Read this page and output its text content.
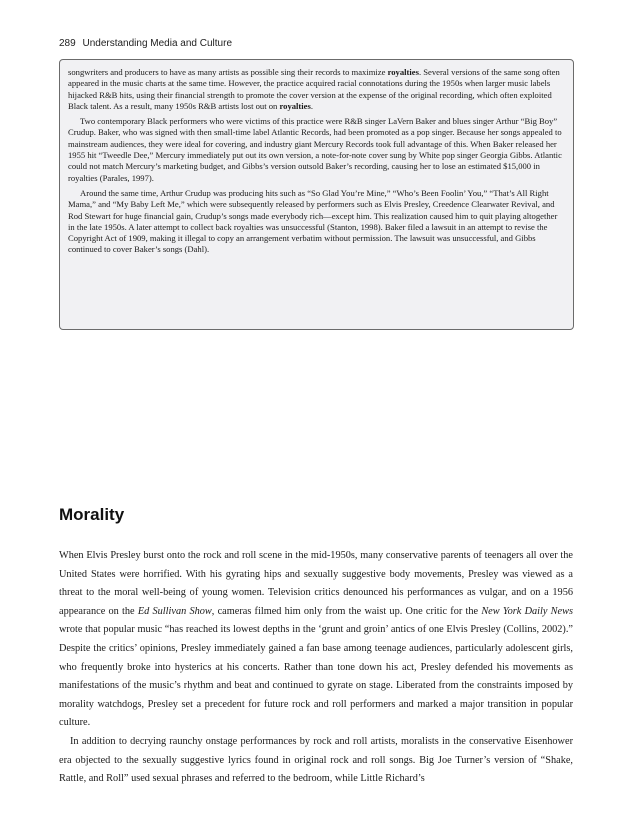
289 Understanding Media and Culture

songwriters and producers to have as many artists as possible sing their records to maximize royalties. Several versions of the same song often appeared in the music charts at the same time. However, the practice acquired racial connotations during the 1950s when larger music labels hijacked R&B hits, using their financial strength to promote the cover version at the expense of the original recording, which often exploited Black talent. As a result, many 1950s R&B artists lost out on royalties.

Two contemporary Black performers who were victims of this practice were R&B singer LaVern Baker and blues singer Arthur “Big Boy” Crudup. Baker, who was signed with then small-time label Atlantic Records, had been promoted as a pop singer. Because her songs appealed to mainstream audiences, they were ideal for covering, and industry giant Mercury Records took full advantage of this. When Baker released her 1955 hit “Tweedle Dee,” Mercury immediately put out its own version, a note-for-note cover sung by White pop singer Georgia Gibbs. Atlantic could not match Mercury’s marketing budget, and Gibbs’s version outsold Baker’s recording, causing her to lose an estimated $15,000 in royalties (Parales, 1997).

Around the same time, Arthur Crudup was producing hits such as “So Glad You’re Mine,” “Who’s Been Foolin’ You,” “That’s All Right Mama,” and “My Baby Left Me,” which were subsequently released by performers such as Elvis Presley, Creedence Clearwater Revival, and Rod Stewart for huge financial gain, Crudup’s songs made everybody rich—except him. This realization caused him to quit playing altogether in the late 1950s. A later attempt to collect back royalties was unsuccessful (Stanton, 1998). Baker filed a lawsuit in an attempt to revise the Copyright Act of 1909, making it illegal to copy an arrangement verbatim without permission. The lawsuit was unsuccessful, and Gibbs continued to cover Baker’s songs (Dahl).

Morality

When Elvis Presley burst onto the rock and roll scene in the mid-1950s, many conservative parents of teenagers all over the United States were horrified. With his gyrating hips and sexually suggestive body movements, Presley was viewed as a threat to the moral well-being of young women. Television critics denounced his performances as vulgar, and on a 1956 appearance on the Ed Sullivan Show, cameras filmed him only from the waist up. One critic for the New York Daily News wrote that popular music “has reached its lowest depths in the ‘grunt and groin’ antics of one Elvis Presley (Collins, 2002).” Despite the critics’ opinions, Presley immediately gained a fan base among teenage audiences, particularly adolescent girls, who frequently broke into hysterics at his concerts. Rather than tone down his act, Presley defended his movements as manifestations of the music’s rhythm and beat and continued to gyrate on stage. Liberated from the constraints imposed by morality watchdogs, Presley set a precedent for future rock and roll performers and marked a major transition in popular culture.

In addition to decrying raunchy onstage performances by rock and roll artists, moralists in the conservative Eisenhower era objected to the sexually suggestive lyrics found in original rock and roll songs. Big Joe Turner’s version of “Shake, Rattle, and Roll” used sexual phrases and referred to the bedroom, while Little Richard’s
